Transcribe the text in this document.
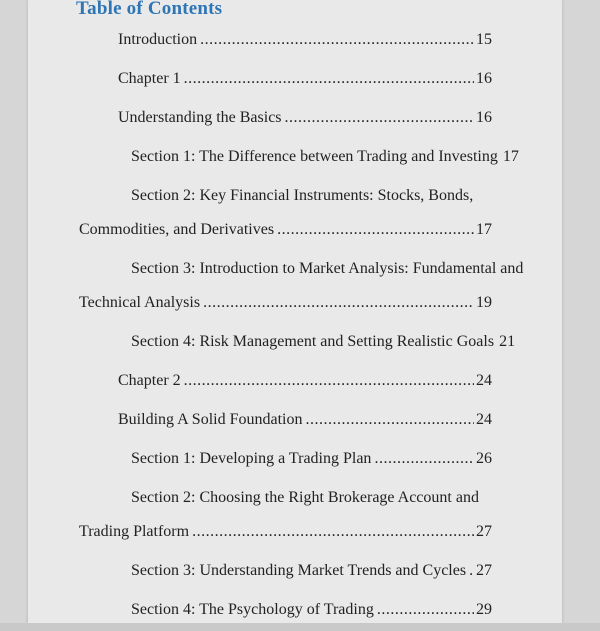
Table of Contents
Introduction .....	15
Chapter 1 .....	16
Understanding the Basics .....	16
Section 1: The Difference between Trading and Investing 17
Section 2: Key Financial Instruments: Stocks, Bonds,
Commodities, and Derivatives .....	17
Section 3: Introduction to Market Analysis: Fundamental and
Technical Analysis .....	19
Section 4: Risk Management and Setting Realistic Goals 21
Chapter 2 .....	24
Building A Solid Foundation .....	24
Section 1: Developing a Trading Plan .....	26
Section 2: Choosing the Right Brokerage Account and
Trading Platform .....	27
Section 3: Understanding Market Trends and Cycles ..... 27
Section 4: The Psychology of Trading .....	29
